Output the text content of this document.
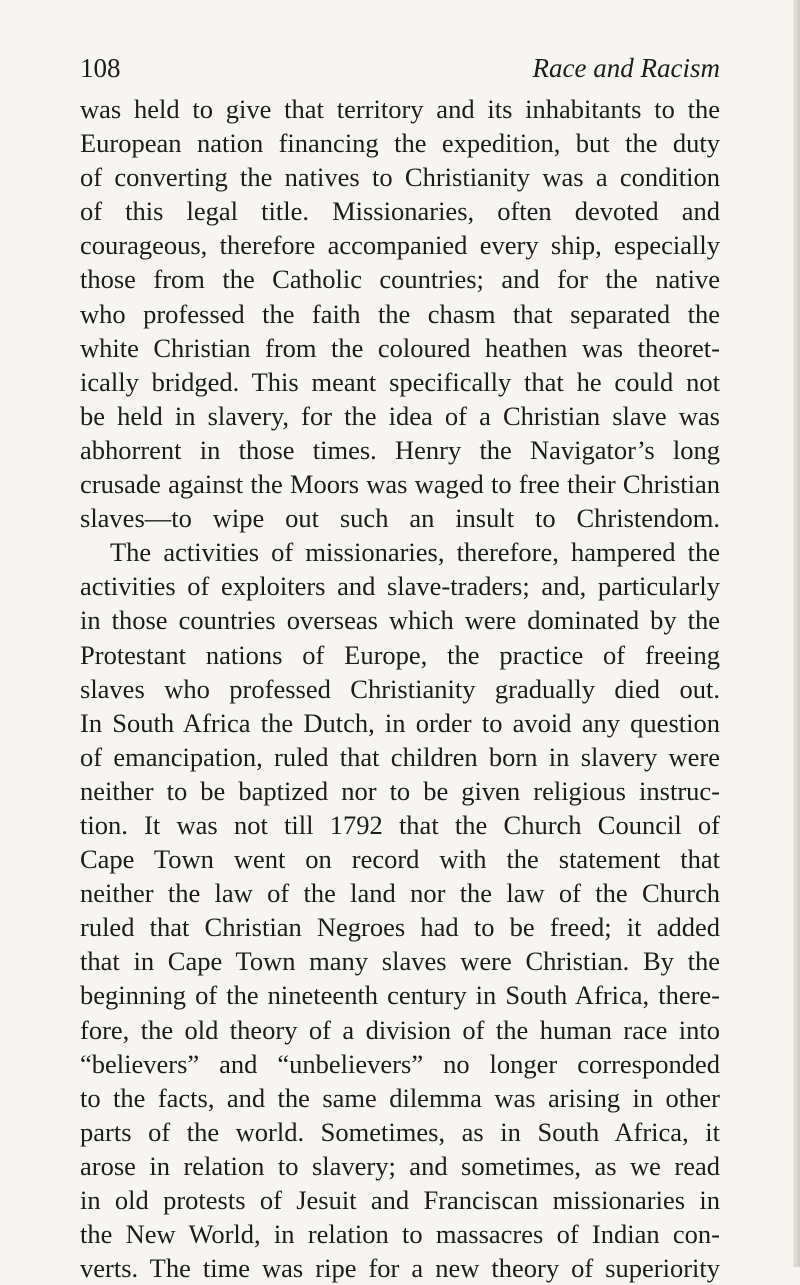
108	Race and Racism
was held to give that territory and its inhabitants to the
European nation financing the expedition, but the duty
of converting the natives to Christianity was a condition
of this legal title. Missionaries, often devoted and
courageous, therefore accompanied every ship, especially
those from the Catholic countries; and for the native
who professed the faith the chasm that separated the
white Christian from the coloured heathen was theoret-
ically bridged. This meant specifically that he could not
be held in slavery, for the idea of a Christian slave was
abhorrent in those times. Henry the Navigator’s long
crusade against the Moors was waged to free their Christian
slaves—to wipe out such an insult to Christendom.
The activities of missionaries, therefore, hampered the
activities of exploiters and slave-traders; and, particularly
in those countries overseas which were dominated by the
Protestant nations of Europe, the practice of freeing
slaves who professed Christianity gradually died out.
In South Africa the Dutch, in order to avoid any question
of emancipation, ruled that children born in slavery were
neither to be baptized nor to be given religious instruc-
tion. It was not till 1792 that the Church Council of
Cape Town went on record with the statement that
neither the law of the land nor the law of the Church
ruled that Christian Negroes had to be freed; it added
that in Cape Town many slaves were Christian. By the
beginning of the nineteenth century in South Africa, there-
fore, the old theory of a division of the human race into
“believers” and “unbelievers” no longer corresponded
to the facts, and the same dilemma was arising in other
parts of the world. Sometimes, as in South Africa, it
arose in relation to slavery; and sometimes, as we read
in old protests of Jesuit and Franciscan missionaries in
the New World, in relation to massacres of Indian con-
verts. The time was ripe for a new theory of superiority
